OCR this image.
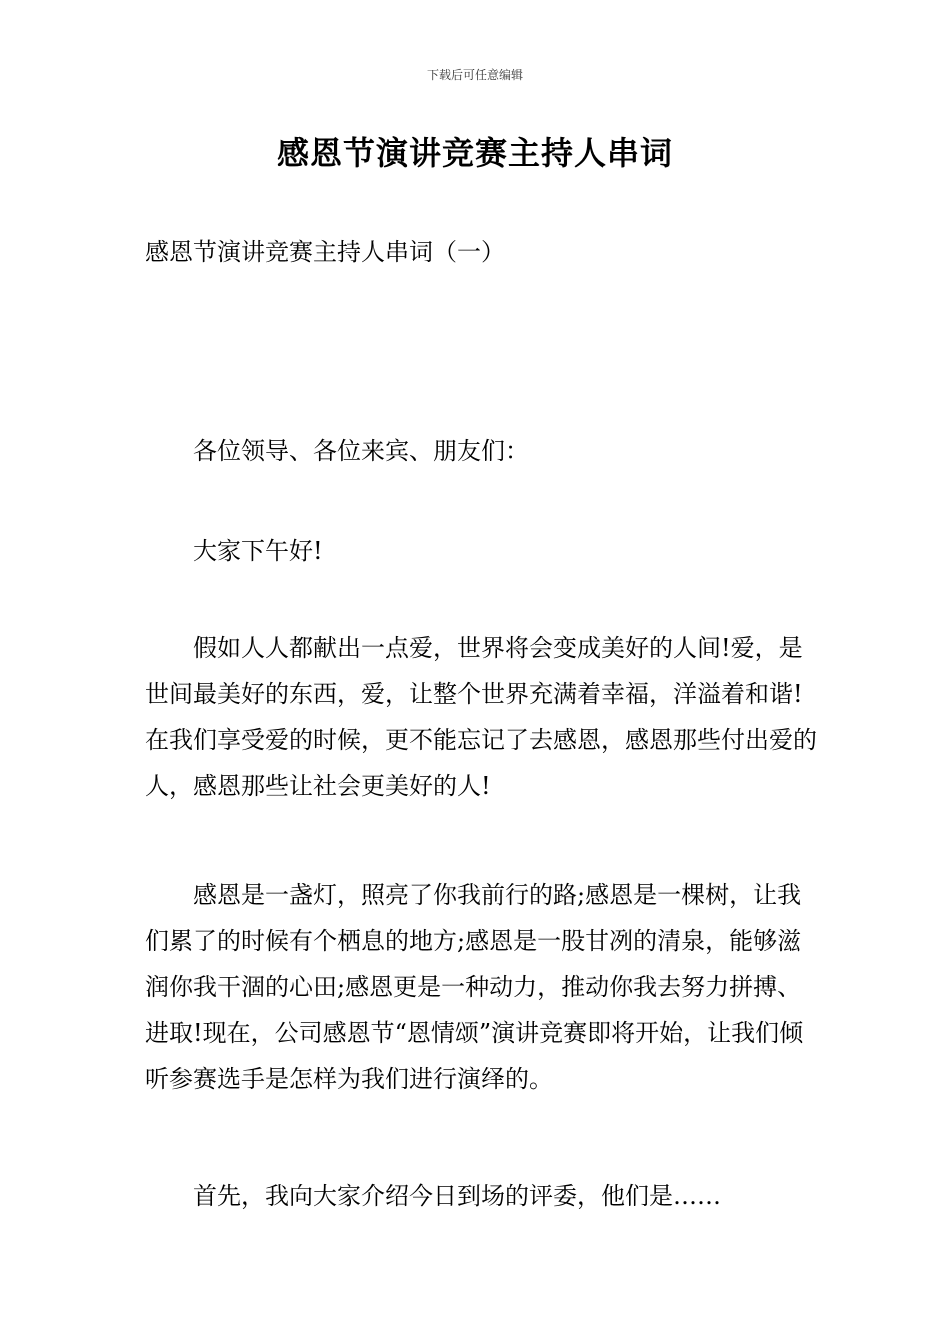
下载后可任意编辑
感恩节演讲竞赛主持人串词
感恩节演讲竞赛主持人串词（一）

各位领导、各位来宾、朋友们：

大家下午好!

假如人人都献出一点爱，世界将会变成美好的人间!爱，是世间最美好的东西，爱，让整个世界充满着幸福，洋溢着和谐!在我们享受爱的时候，更不能忘记了去感恩，感恩那些付出爱的人，感恩那些让社会更美好的人!

感恩是一盏灯，照亮了你我前行的路;感恩是一棵树，让我们累了的时候有个栖息的地方;感恩是一股甘冽的清泉，能够滋润你我干涸的心田;感恩更是一种动力，推动你我去努力拼搏、进取!现在，公司感恩节“恩情颂”演讲竞赛即将开始，让我们倾听参赛选手是怎样为我们进行演绎的。

首先，我向大家介绍今日到场的评委，他们是……
